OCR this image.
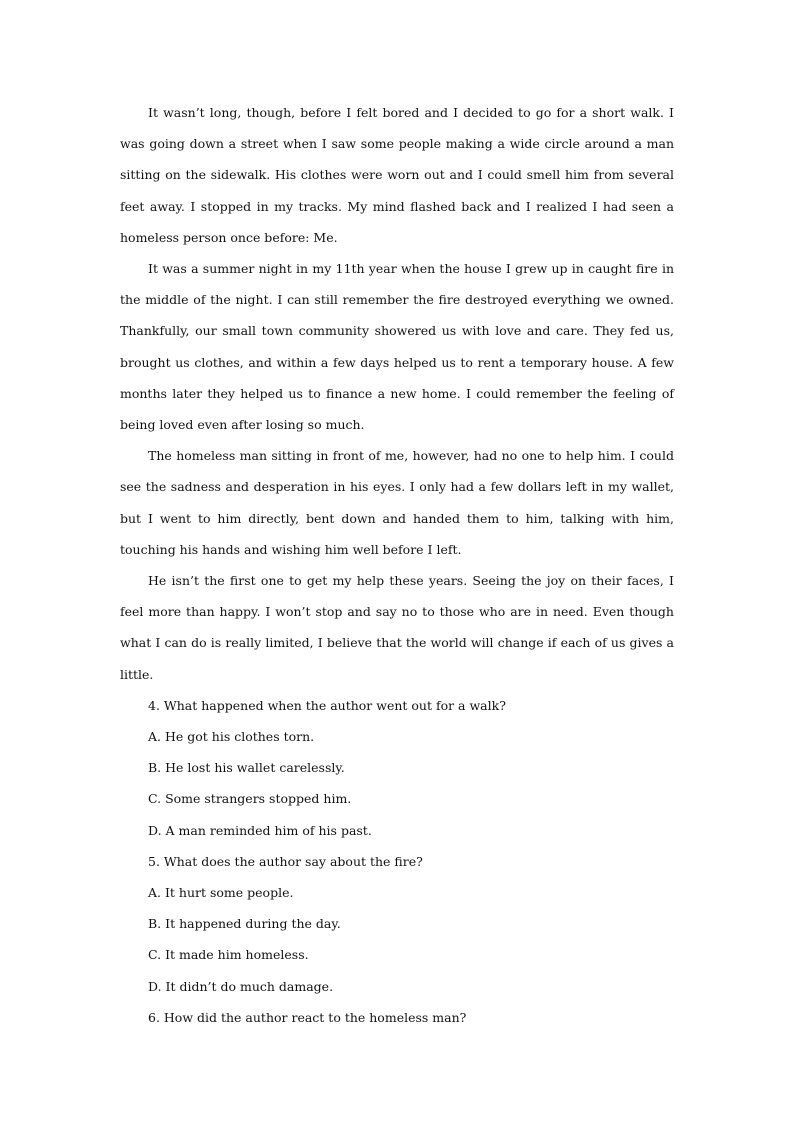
It wasn’t long, though, before I felt bored and I decided to go for a short walk. I was going down a street when I saw some people making a wide circle around a man sitting on the sidewalk. His clothes were worn out and I could smell him from several feet away. I stopped in my tracks. My mind flashed back and I realized I had seen a homeless person once before: Me.

It was a summer night in my 11th year when the house I grew up in caught fire in the middle of the night. I can still remember the fire destroyed everything we owned. Thankfully, our small town community showered us with love and care. They fed us, brought us clothes, and within a few days helped us to rent a temporary house. A few months later they helped us to finance a new home. I could remember the feeling of being loved even after losing so much.

The homeless man sitting in front of me, however, had no one to help him. I could see the sadness and desperation in his eyes. I only had a few dollars left in my wallet, but I went to him directly, bent down and handed them to him, talking with him, touching his hands and wishing him well before I left.

He isn’t the first one to get my help these years. Seeing the joy on their faces, I feel more than happy. I won’t stop and say no to those who are in need. Even though what I can do is really limited, I believe that the world will change if each of us gives a little.

4. What happened when the author went out for a walk?

A. He got his clothes torn.

B. He lost his wallet carelessly.

C. Some strangers stopped him.

D. A man reminded him of his past.

5. What does the author say about the fire?

A. It hurt some people.

B. It happened during the day.

C. It made him homeless.

D. It didn’t do much damage.

6. How did the author react to the homeless man?
